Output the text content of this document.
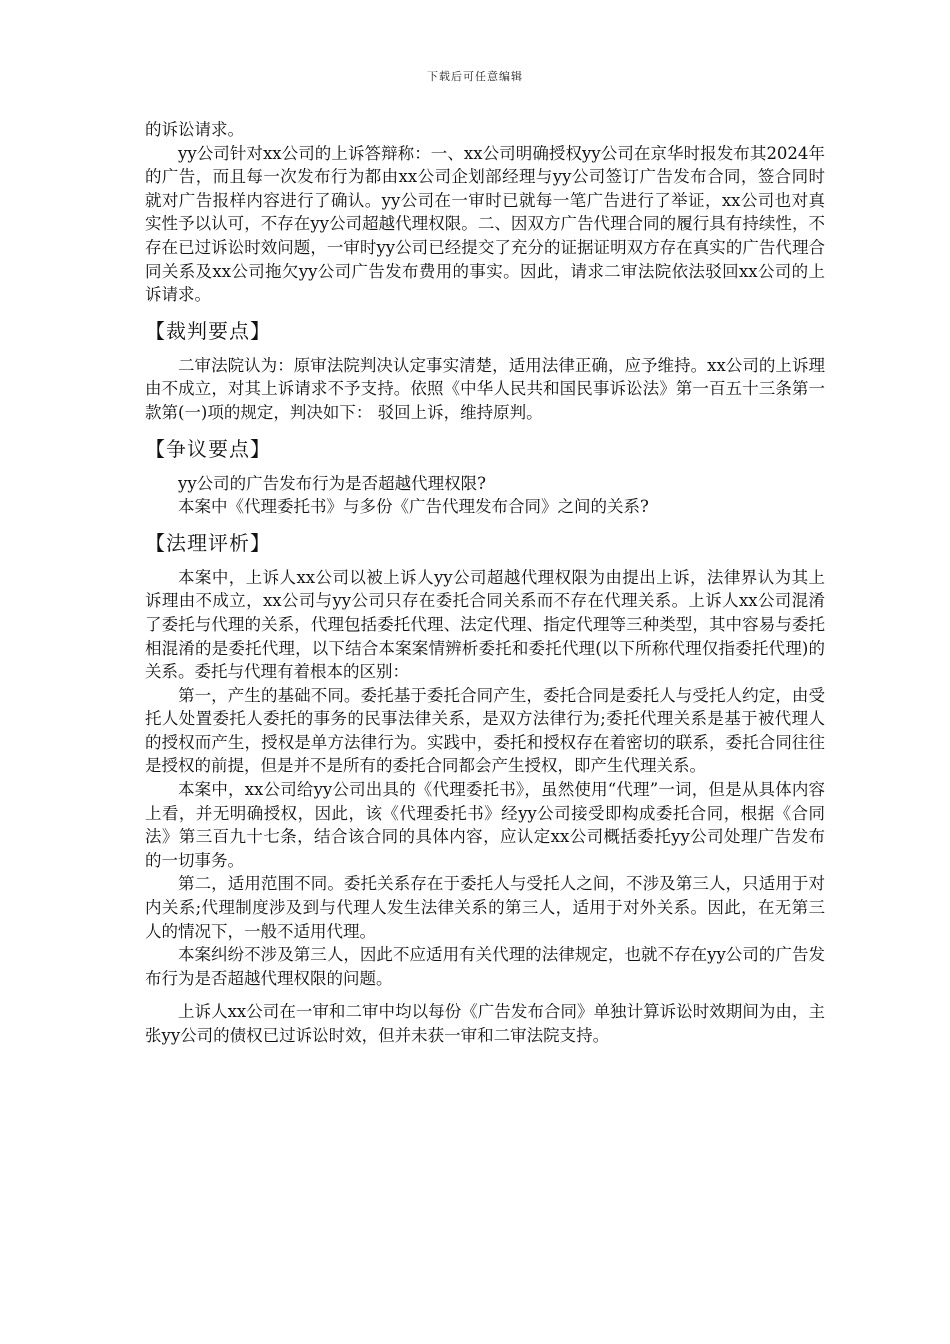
下载后可任意编辑

的诉讼请求。

yy公司针对xx公司的上诉答辩称：一、xx公司明确授权yy公司在京华时报发布其2024年的广告，而且每一次发布行为都由xx公司企划部经理与yy公司签订广告发布合同，签合同时就对广告报样内容进行了确认。yy公司在一审时已就每一笔广告进行了举证，xx公司也对真实性予以认可，不存在yy公司超越代理权限。二、因双方广告代理合同的履行具有持续性，不存在已过诉讼时效问题，一审时yy公司已经提交了充分的证据证明双方存在真实的广告代理合同关系及xx公司拖欠yy公司广告发布费用的事实。因此，请求二审法院依法驳回xx公司的上诉请求。

【裁判要点】

二审法院认为：原审法院判决认定事实清楚，适用法律正确，应予维持。xx公司的上诉理由不成立，对其上诉请求不予支持。依照《中华人民共和国民事诉讼法》第一百五十三条第一款第(一)项的规定，判决如下： 驳回上诉，维持原判。

【争议要点】

yy公司的广告发布行为是否超越代理权限?

本案中《代理委托书》与多份《广告代理发布合同》之间的关系?

【法理评析】

本案中，上诉人xx公司以被上诉人yy公司超越代理权限为由提出上诉，法律界认为其上诉理由不成立，xx公司与yy公司只存在委托合同关系而不存在代理关系。上诉人xx公司混淆了委托与代理的关系，代理包括委托代理、法定代理、指定代理等三种类型，其中容易与委托相混淆的是委托代理，以下结合本案案情辨析委托和委托代理(以下所称代理仅指委托代理)的关系。委托与代理有着根本的区别：

第一，产生的基础不同。委托基于委托合同产生，委托合同是委托人与受托人约定，由受托人处置委托人委托的事务的民事法律关系，是双方法律行为;委托代理关系是基于被代理人的授权而产生，授权是单方法律行为。实践中，委托和授权存在着密切的联系，委托合同往往是授权的前提，但是并不是所有的委托合同都会产生授权，即产生代理关系。

本案中，xx公司给yy公司出具的《代理委托书》，虽然使用“代理”一词，但是从具体内容上看，并无明确授权，因此，该《代理委托书》经yy公司接受即构成委托合同，根据《合同法》第三百九十七条，结合该合同的具体内容，应认定xx公司概括委托yy公司处理广告发布的一切事务。

第二，适用范围不同。委托关系存在于委托人与受托人之间，不涉及第三人，只适用于对内关系;代理制度涉及到与代理人发生法律关系的第三人，适用于对外关系。因此，在无第三人的情况下，一般不适用代理。

本案纠纷不涉及第三人，因此不应适用有关代理的法律规定，也就不存在yy公司的广告发布行为是否超越代理权限的问题。

上诉人xx公司在一审和二审中均以每份《广告发布合同》单独计算诉讼时效期间为由，主张yy公司的债权已过诉讼时效，但并未获一审和二审法院支持。
